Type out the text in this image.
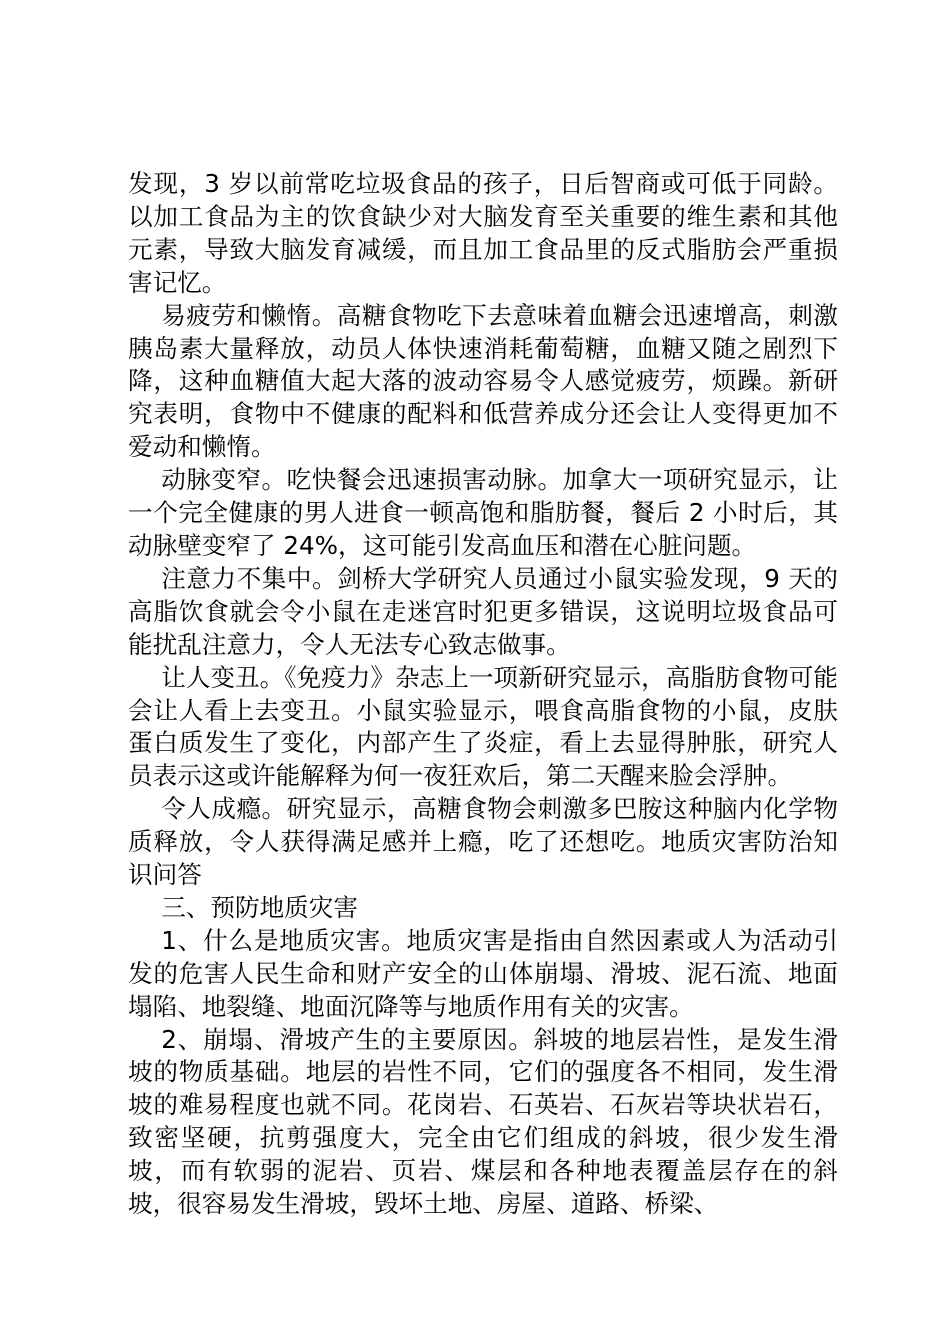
发现，3 岁以前常吃垃圾食品的孩子，日后智商或可低于同龄。以加工食品为主的饮食缺少对大脑发育至关重要的维生素和其他元素，导致大脑发育减缓，而且加工食品里的反式脂肪会严重损害记忆。

易疲劳和懒惰。高糖食物吃下去意味着血糖会迅速增高，刺激胰岛素大量释放，动员人体快速消耗葡萄糖，血糖又随之剧烈下降，这种血糖值大起大落的波动容易令人感觉疲劳，烦躁。新研究表明，食物中不健康的配料和低营养成分还会让人变得更加不爱动和懒惰。

动脉变窄。吃快餐会迅速损害动脉。加拿大一项研究显示，让一个完全健康的男人进食一顿高饱和脂肪餐，餐后 2 小时后，其动脉壁变窄了 24%，这可能引发高血压和潜在心脏问题。

注意力不集中。剑桥大学研究人员通过小鼠实验发现，9 天的高脂饮食就会令小鼠在走迷宫时犯更多错误，这说明垃圾食品可能扰乱注意力，令人无法专心致志做事。

让人变丑。《免疫力》杂志上一项新研究显示，高脂肪食物可能会让人看上去变丑。小鼠实验显示，喂食高脂食物的小鼠，皮肤蛋白质发生了变化，内部产生了炎症，看上去显得肿胀，研究人员表示这或许能解释为何一夜狂欢后，第二天醒来脸会浮肿。

令人成瘾。研究显示，高糖食物会刺激多巴胺这种脑内化学物质释放，令人获得满足感并上瘾，吃了还想吃。地质灾害防治知识问答

三、预防地质灾害

1、什么是地质灾害。地质灾害是指由自然因素或人为活动引发的危害人民生命和财产安全的山体崩塌、滑坡、泥石流、地面塌陷、地裂缝、地面沉降等与地质作用有关的灾害。

2、崩塌、滑坡产生的主要原因。斜坡的地层岩性，是发生滑坡的物质基础。地层的岩性不同，它们的强度各不相同，发生滑坡的难易程度也就不同。花岗岩、石英岩、石灰岩等块状岩石，致密坚硬，抗剪强度大，完全由它们组成的斜坡，很少发生滑坡，而有软弱的泥岩、页岩、煤层和各种地表覆盖层存在的斜坡，很容易发生滑坡，毁坏土地、房屋、道路、桥梁、
